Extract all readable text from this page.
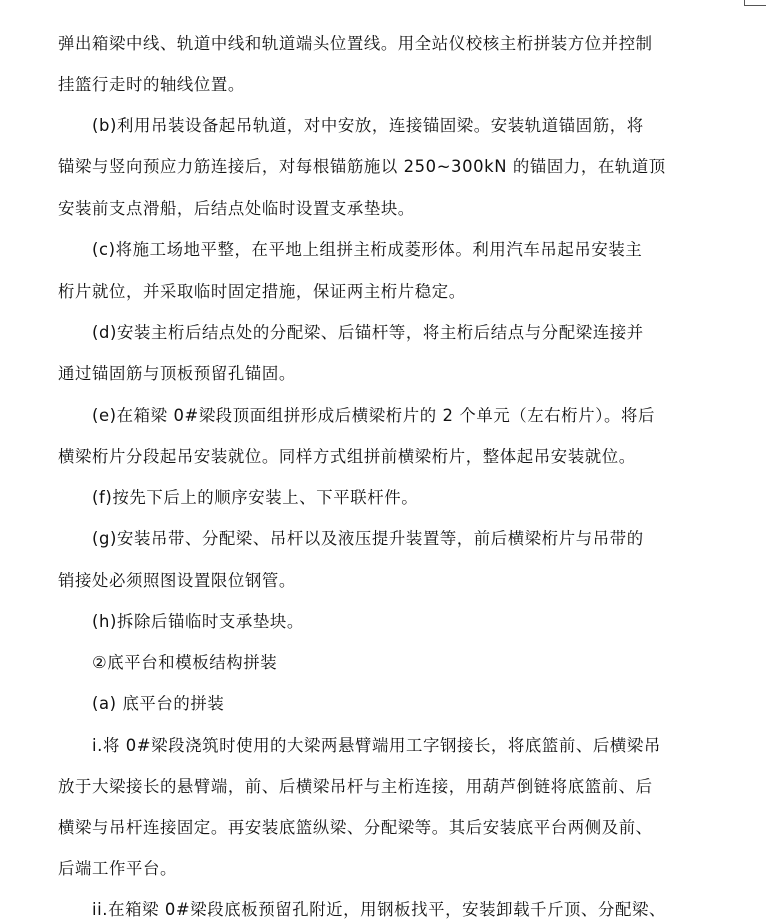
弹出箱梁中线、轨道中线和轨道端头位置线。用全站仪校核主桁拼装方位并控制
挂篮行走时的轴线位置。
(b)利用吊装设备起吊轨道，对中安放，连接锚固梁。安装轨道锚固筋，将
锚梁与竖向预应力筋连接后，对每根锚筋施以 250~300kN 的锚固力，在轨道顶
安装前支点滑船，后结点处临时设置支承垫块。
(c)将施工场地平整，在平地上组拼主桁成菱形体。利用汽车吊起吊安装主
桁片就位，并采取临时固定措施，保证两主桁片稳定。
(d)安装主桁后结点处的分配梁、后锚杆等，将主桁后结点与分配梁连接并
通过锚固筋与顶板预留孔锚固。
(e)在箱梁 0#梁段顶面组拼形成后横梁桁片的 2 个单元（左右桁片）。将后
横梁桁片分段起吊安装就位。同样方式组拼前横梁桁片，整体起吊安装就位。
(f)按先下后上的顺序安装上、下平联杆件。
(g)安装吊带、分配梁、吊杆以及液压提升装置等，前后横梁桁片与吊带的
销接处必须照图设置限位钢管。
(h)拆除后锚临时支承垫块。
②底平台和模板结构拼装
(a) 底平台的拼装
i.将 0#梁段浇筑时使用的大梁两悬臂端用工字钢接长，将底篮前、后横梁吊
放于大梁接长的悬臂端，前、后横梁吊杆与主桁连接，用葫芦倒链将底篮前、后
横梁与吊杆连接固定。再安装底篮纵梁、分配梁等。其后安装底平台两侧及前、
后端工作平台。
ii.在箱梁 0#梁段底板预留孔附近，用钢板找平，安装卸载千斤顶、分配梁、
